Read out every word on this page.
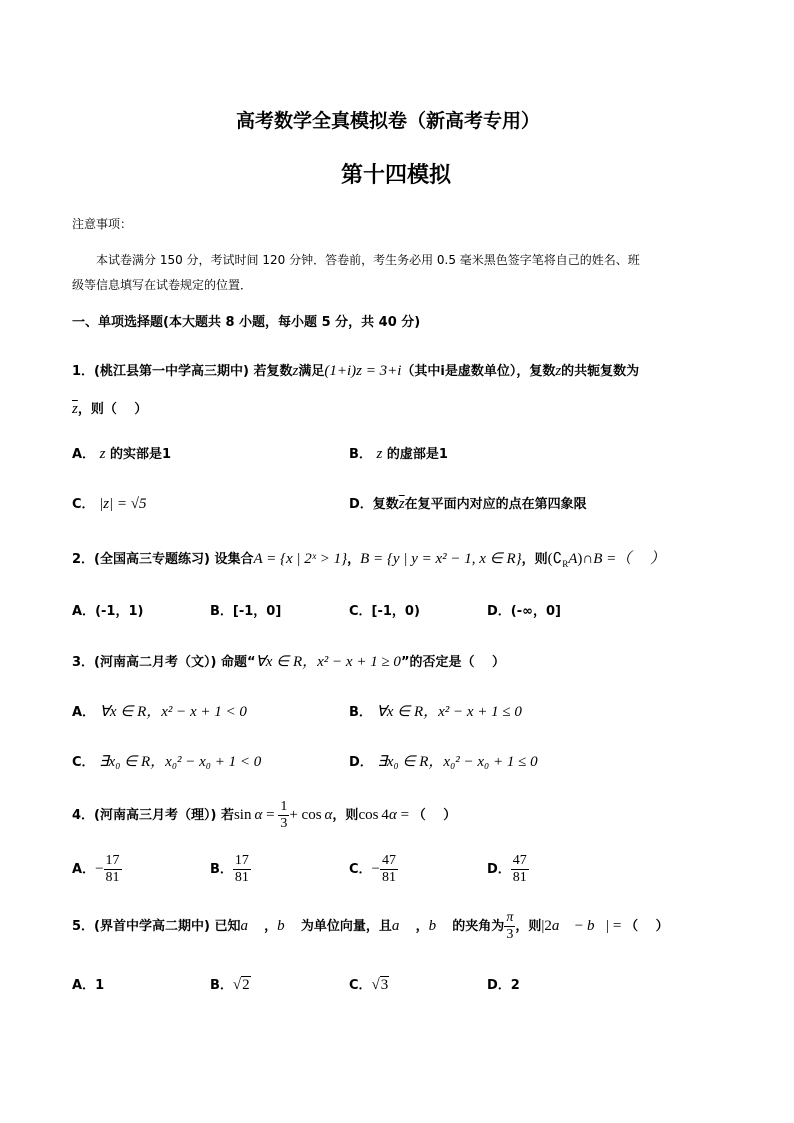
高考数学全真模拟卷（新高考专用）
第十四模拟
注意事项：
本试卷满分 150 分，考试时间 120 分钟．答卷前，考生务必用 0.5 毫米黑色签字笔将自己的姓名、班
级等信息填写在试卷规定的位置．
一、单项选择题(本大题共 8 小题，每小题 5 分，共 40 分)
1．(桃江县第一中学高三期中) 若复数z满足(1+i)z = 3+i（其中i是虚数单位），复数z的共轭复数为
$\overline{z}$，则（　 ）
A． z 的实部是1	B． z 的虚部是1
C． |z| = √5	D．复数$\overline{z}$在复平面内对应的点在第四象限
2．(全国高三专题练习) 设集合A = {x | 2ˣ > 1}，B = {y | y = x² − 1, x ∈ R}，则$(∁_RA)\cap B$ =（　 ）
A．(-1，1)	B．[-1，0]	C．[-1，0)	D．(-∞，0]
3．(河南高二月考（文）) 命题“∀x ∈ R，x² − x + 1 ≥ 0”的否定是（　 ）
A． ∀x ∈ R，x² − x + 1 < 0	B． ∀x ∈ R，x² − x + 1 ≤ 0
C． ∃x₀ ∈ R，x₀² − x₀ + 1 < 0	D． ∃x₀ ∈ R，x₀² − x₀ + 1 ≤ 0
4．(河南高三月考（理）) 若$\sin \alpha = \frac{1}{3} + \cos \alpha$，则cos 4α = （　 ）
A．− $\frac{17}{81}$	B． $\frac{17}{81}$	C．− $\frac{47}{81}$	D． $\frac{47}{81}$
5．(界首中学高二期中) 已知a⃗ ，b⃗ 为单位向量，且a⃗ ，b⃗ 的夹角为 $\frac{\pi}{3}$ ，则|2a⃗ − b⃗| = （　 ）
A．1	B．√2	C．√3	D．2
